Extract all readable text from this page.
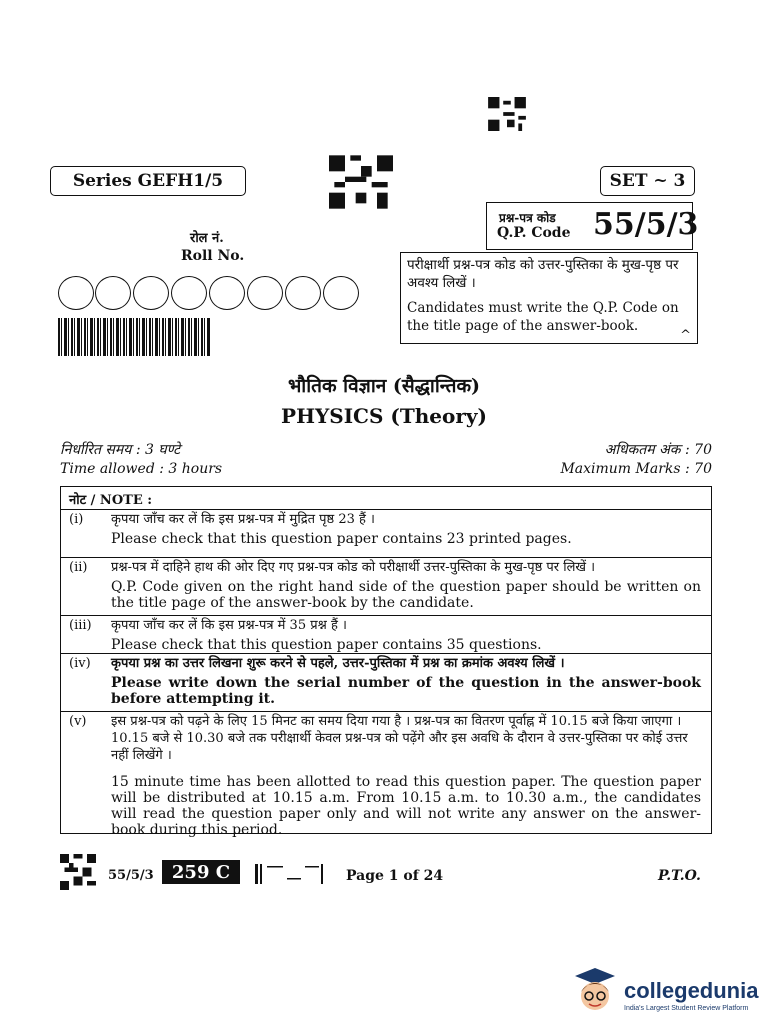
Series GEFH1/5	SET ~ 3
प्रश्न-पत्र कोड
Q.P. Code 55/5/3
परीक्षार्थी प्रश्न-पत्र कोड को उत्तर-पुस्तिका के मुख-पृष्ठ पर अवश्य लिखें ।
Candidates must write the Q.P. Code on the title page of the answer-book.
^
रोल नं.
Roll No.
भौतिक विज्ञान (सैद्धान्तिक)
PHYSICS (Theory)
निर्धारित समय : 3 घण्टे
Time allowed : 3 hours
अधिकतम अंक : 70
Maximum Marks : 70
नोट / NOTE :
(i) कृपया जाँच कर लें कि इस प्रश्न-पत्र में मुद्रित पृष्ठ 23 हैं ।
Please check that this question paper contains 23 printed pages.
(ii) प्रश्न-पत्र में दाहिने हाथ की ओर दिए गए प्रश्न-पत्र कोड को परीक्षार्थी उत्तर-पुस्तिका के मुख-पृष्ठ पर लिखें ।
Q.P. Code given on the right hand side of the question paper should be written on the title page of the answer-book by the candidate.
(iii) कृपया जाँच कर लें कि इस प्रश्न-पत्र में 35 प्रश्न हैं ।
Please check that this question paper contains 35 questions.
(iv) कृपया प्रश्न का उत्तर लिखना शुरू करने से पहले, उत्तर-पुस्तिका में प्रश्न का क्रमांक अवश्य लिखें ।
Please write down the serial number of the question in the answer-book before attempting it.
(v) इस प्रश्न-पत्र को पढ़ने के लिए 15 मिनट का समय दिया गया है । प्रश्न-पत्र का वितरण पूर्वाह्न में 10.15 बजे किया जाएगा । 10.15 बजे से 10.30 बजे तक परीक्षार्थी केवल प्रश्न-पत्र को पढ़ेंगे और इस अवधि के दौरान वे उत्तर-पुस्तिका पर कोई उत्तर नहीं लिखेंगे ।
15 minute time has been allotted to read this question paper. The question paper will be distributed at 10.15 a.m. From 10.15 a.m. to 10.30 a.m., the candidates will read the question paper only and will not write any answer on the answer-book during this period.
55/5/3	259 C	Page 1 of 24	P.T.O.
collegedunia
India's Largest Student Review Platform
